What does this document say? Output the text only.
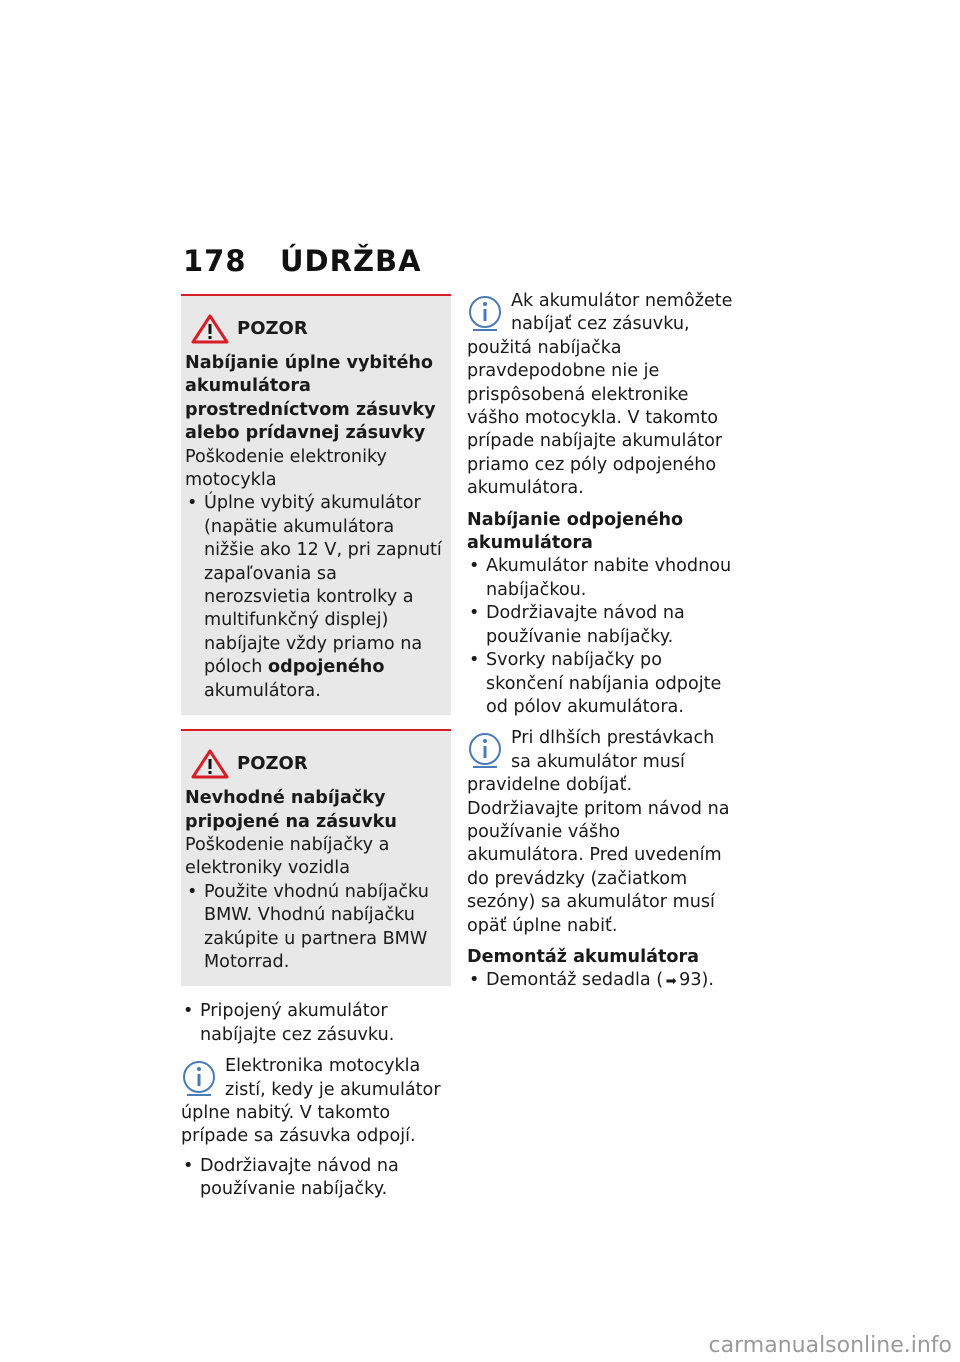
178 ÚDRŽBA
POZOR
Nabíjanie úplne vybitého akumulátora prostredníctvom zásuvky alebo prídavnej zásuvky
Poškodenie elektroniky motocykla
• Úplne vybitý akumulátor (napätie akumulátora nižšie ako 12 V, pri zapnutí zapaľovania sa nerozsvietia kontrolky a multifunkčný displej) nabíjajte vždy priamo na póloch odpojeného akumulátora.
POZOR
Nevhodné nabíjačky pripojené na zásuvku
Poškodenie nabíjačky a elektroniky vozidla
• Použite vhodnú nabíjačku BMW. Vhodnú nabíjačku zakúpite u partnera BMW Motorrad.
• Pripojený akumulátor nabíjajte cez zásuvku.
Elektronika motocykla zistí, kedy je akumulátor úplne nabitý. V takomto prípade sa zásuvka odpojí.
• Dodržiavajte návod na používanie nabíjačky.
Ak akumulátor nemôžete nabíjať cez zásuvku, použitá nabíjačka pravdepodobne nie je prispôsobená elektronike vášho motocykla. V takomto prípade nabíjajte akumulátor priamo cez póly odpojeného akumulátora.
Nabíjanie odpojeného akumulátora
• Akumulátor nabite vhodnou nabíjačkou.
• Dodržiavajte návod na používanie nabíjačky.
• Svorky nabíjačky po skončení nabíjania odpojte od pólov akumulátora.
Pri dlhších prestávkach sa akumulátor musí pravidelne dobíjať. Dodržiavajte pritom návod na používanie vášho akumulátora. Pred uvedením do prevádzky (začiatkom sezóny) sa akumulátor musí opäť úplne nabiť.
Demontáž akumulátora
• Demontáž sedadla ( ➡ 93).
carmanualsonline.info
